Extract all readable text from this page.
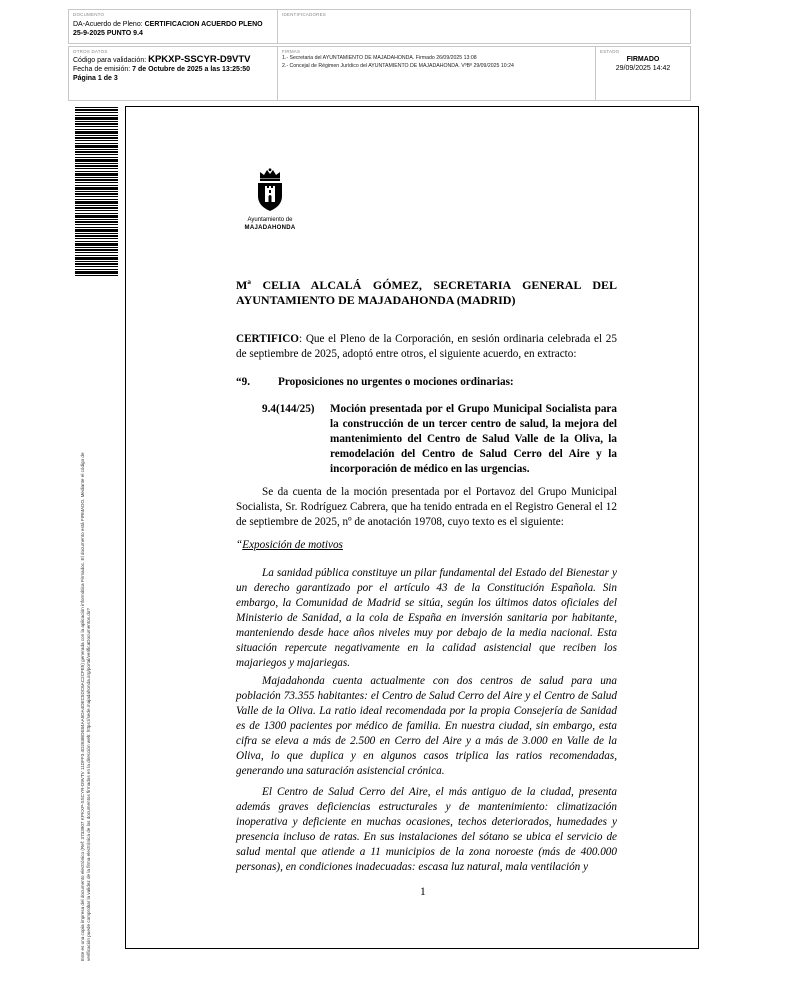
DOCUMENTO
DA-Acuerdo de Pleno: CERTIFICACION ACUERDO PLENO 25-9-2025 PUNTO 9.4
IDENTIFICADORES
OTROS DATOS
Código para validación: KPKXP-SSCYR-D9VTV
Fecha de emisión: 7 de Octubre de 2025 a las 13:25:50
Página 1 de 3
FIRMAS
1.- Secretaria del AYUNTAMIENTO DE MAJADAHONDA. Firmado 26/09/2025 13:08
2.- Concejal de Régimen Jurídico del AYUNTAMIENTO DE MAJADAHONDA. VºBº 29/09/2025 10:24
ESTADO
FIRMADO
29/09/2025 14:42
Este es una copia impresa del documento electrónico (Ref: 3733907 KPKXP-SSCYR-D9VTV 11DFF3 4D263BDE84AA5DA4DEC5DC6AC2CFE5) generada con la aplicación informática Firmadoc. El documento está FIRMADO. Mediante el código de verificación puede comprobar la validez de la firma electrónica de los documentos firmados en la dirección web: https://sede.majadahonda.org/portal/verificaDocumentos.do?
Ayuntamiento de
MAJADAHONDA
Mª CELIA ALCALÁ GÓMEZ, SECRETARIA GENERAL DEL AYUNTAMIENTO DE MAJADAHONDA (MADRID)
CERTIFICO: Que el Pleno de la Corporación, en sesión ordinaria celebrada el 25 de septiembre de 2025, adoptó entre otros, el siguiente acuerdo, en extracto:
“9.	Proposiciones no urgentes o mociones ordinarias:
9.4(144/25) Moción presentada por el Grupo Municipal Socialista para la construcción de un tercer centro de salud, la mejora del mantenimiento del Centro de Salud Valle de la Oliva, la remodelación del Centro de Salud Cerro del Aire y la incorporación de médico en las urgencias.
Se da cuenta de la moción presentada por el Portavoz del Grupo Municipal Socialista, Sr. Rodríguez Cabrera, que ha tenido entrada en el Registro General el 12 de septiembre de 2025, nº de anotación 19708, cuyo texto es el siguiente:
“Exposición de motivos
La sanidad pública constituye un pilar fundamental del Estado del Bienestar y un derecho garantizado por el artículo 43 de la Constitución Española. Sin embargo, la Comunidad de Madrid se sitúa, según los últimos datos oficiales del Ministerio de Sanidad, a la cola de España en inversión sanitaria por habitante, manteniendo desde hace años niveles muy por debajo de la media nacional. Esta situación repercute negativamente en la calidad asistencial que reciben los majariegos y majariegas.
Majadahonda cuenta actualmente con dos centros de salud para una población 73.355 habitantes: el Centro de Salud Cerro del Aire y el Centro de Salud Valle de la Oliva. La ratio ideal recomendada por la propia Consejería de Sanidad es de 1300 pacientes por médico de familia. En nuestra ciudad, sin embargo, esta cifra se eleva a más de 2.500 en Cerro del Aire y a más de 3.000 en Valle de la Oliva, lo que duplica y en algunos casos triplica las ratios recomendadas, generando una saturación asistencial crónica.
El Centro de Salud Cerro del Aire, el más antiguo de la ciudad, presenta además graves deficiencias estructurales y de mantenimiento: climatización inoperativa y deficiente en muchas ocasiones, techos deteriorados, humedades y presencia incluso de ratas. En sus instalaciones del sótano se ubica el servicio de salud mental que atiende a 11 municipios de la zona noroeste (más de 400.000 personas), en condiciones inadecuadas: escasa luz natural, mala ventilación y
1
